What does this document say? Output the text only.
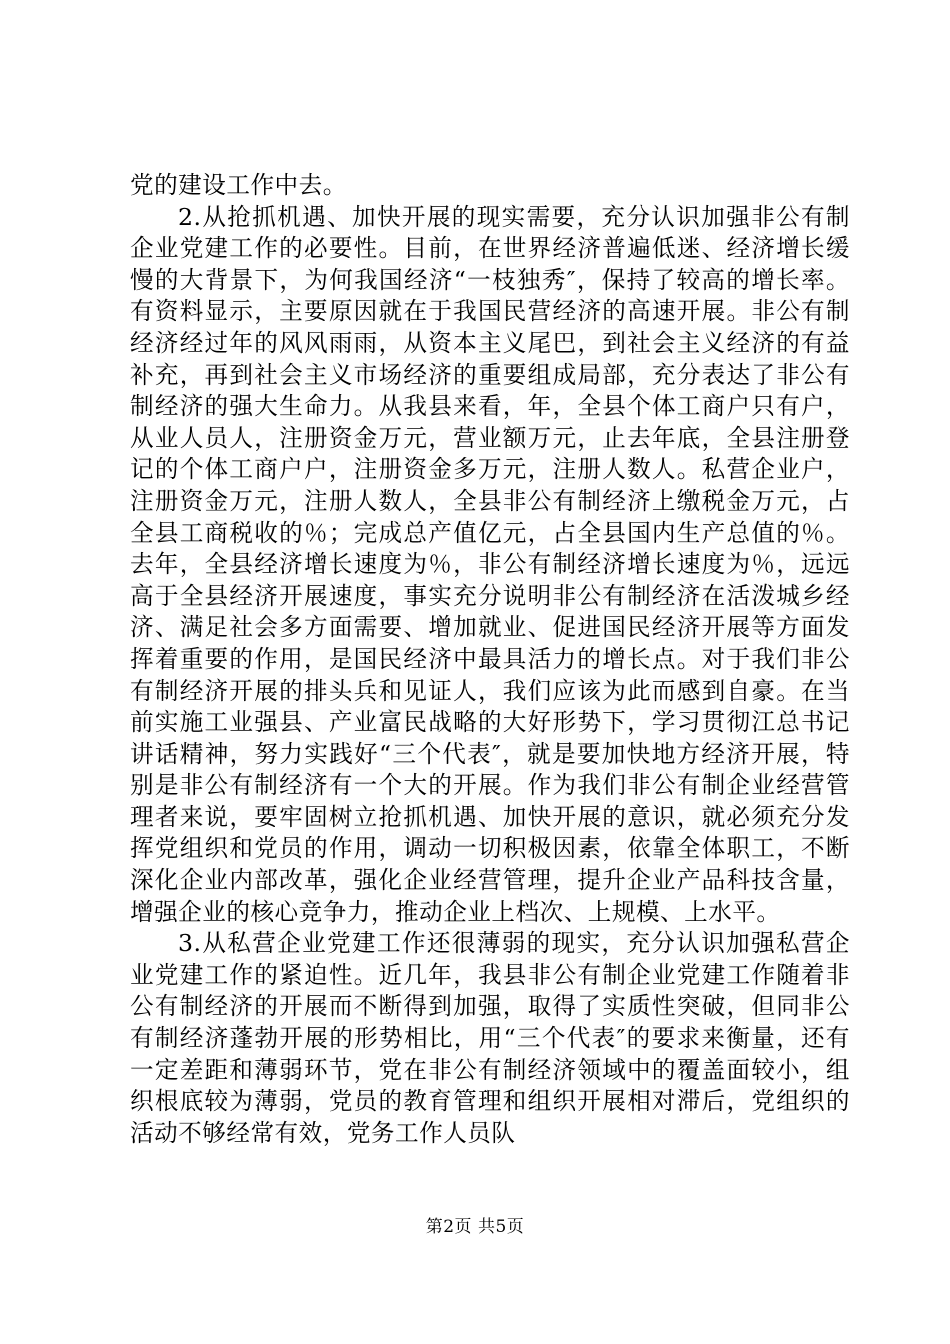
党的建设工作中去。

2.从抢抓机遇、加快开展的现实需要，充分认识加强非公有制企业党建工作的必要性。目前，在世界经济普遍低迷、经济增长缓慢的大背景下，为何我国经济“一枝独秀″，保持了较高的增长率。有资料显示，主要原因就在于我国民营经济的高速开展。非公有制经济经过年的风风雨雨，从资本主义尾巴，到社会主义经济的有益补充，再到社会主义市场经济的重要组成局部，充分表达了非公有制经济的强大生命力。从我县来看，年，全县个体工商户只有户，从业人员人，注册资金万元，营业额万元，止去年底，全县注册登记的个体工商户户，注册资金多万元，注册人数人。私营企业户，注册资金万元，注册人数人，全县非公有制经济上缴税金万元，占全县工商税收的％；完成总产值亿元，占全县国内生产总值的％。去年，全县经济增长速度为％，非公有制经济增长速度为％，远远高于全县经济开展速度，事实充分说明非公有制经济在活泼城乡经济、满足社会多方面需要、增加就业、促进国民经济开展等方面发挥着重要的作用，是国民经济中最具活力的增长点。对于我们非公有制经济开展的排头兵和见证人，我们应该为此而感到自豪。在当前实施工业强县、产业富民战略的大好形势下，学习贯彻江总书记讲话精神，努力实践好“三个代表″，就是要加快地方经济开展，特别是非公有制经济有一个大的开展。作为我们非公有制企业经营管理者来说，要牢固树立抢抓机遇、加快开展的意识，就必须充分发挥党组织和党员的作用，调动一切积极因素，依靠全体职工，不断深化企业内部改革，强化企业经营管理，提升企业产品科技含量，增强企业的核心竞争力，推动企业上档次、上规模、上水平。

3.从私营企业党建工作还很薄弱的现实，充分认识加强私营企业党建工作的紧迫性。近几年，我县非公有制企业党建工作随着非公有制经济的开展而不断得到加强，取得了实质性突破，但同非公有制经济蓬勃开展的形势相比，用“三个代表″的要求来衡量，还有一定差距和薄弱环节，党在非公有制经济领域中的覆盖面较小，组织根底较为薄弱，党员的教育管理和组织开展相对滞后，党组织的活动不够经常有效，党务工作人员队

第2页 共5页
